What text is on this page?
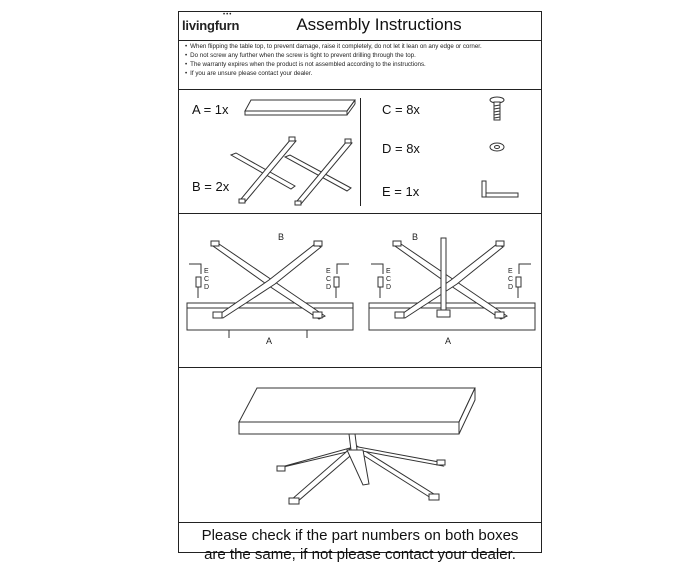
livingfurn
•••	Assembly Instructions
• When flipping the table top, to prevent damage, raise it completely, do not let it lean on any edge or corner.
• Do not screw any further when the screw is tight to prevent drilling through the top.
• The warranty expires when the product is not assembled according to the instructions.
• If you are unsure please contact your dealer.
A = 1x
B = 2x
C = 8x
D = 8x
E = 1x
B
E
C
D
E
C
D
A
B
E
C
D
E
C
D
A
Please check if the part numbers on both boxes
are the same, if not please contact your dealer.
